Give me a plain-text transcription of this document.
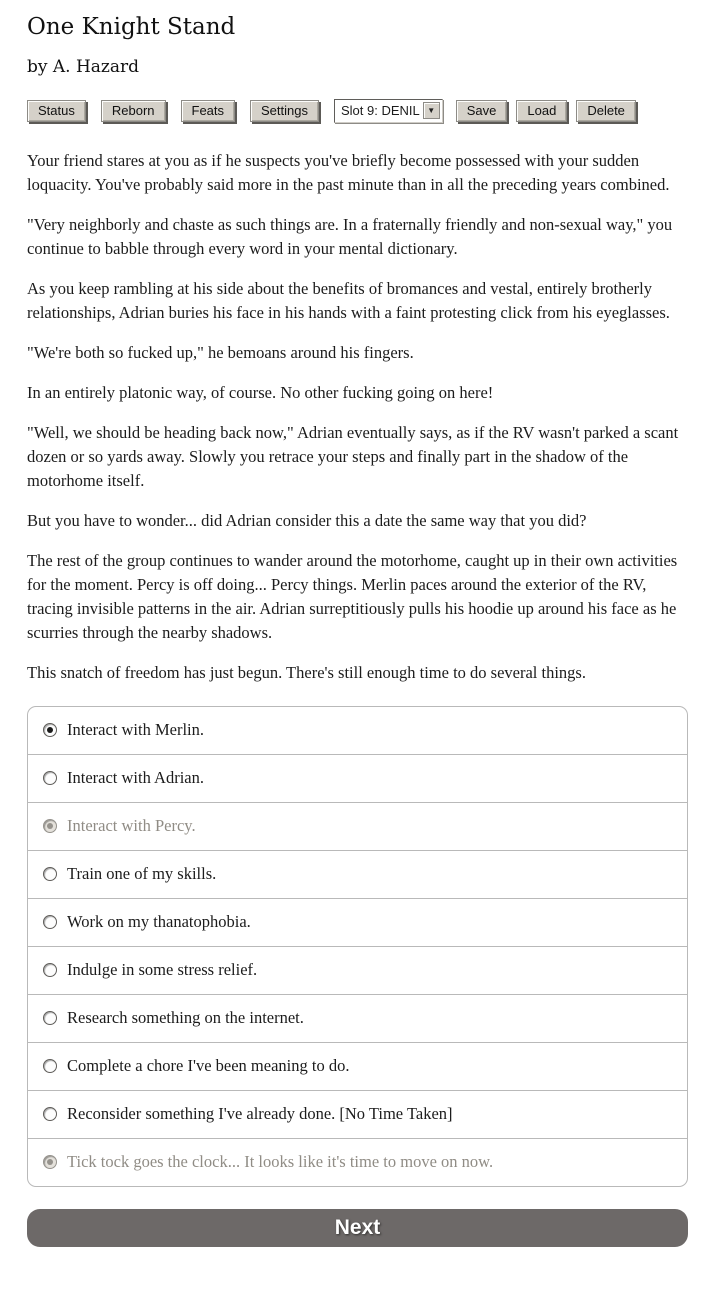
One Knight Stand
by A. Hazard
Status	Reborn	Feats	Settings	Slot 9: DENIL ▼	Save	Load	Delete

Your friend stares at you as if he suspects you've briefly become possessed with your sudden loquacity. You've probably said more in the past minute than in all the preceding years combined.

"Very neighborly and chaste as such things are. In a fraternally friendly and non-sexual way," you continue to babble through every word in your mental dictionary.

As you keep rambling at his side about the benefits of bromances and vestal, entirely brotherly relationships, Adrian buries his face in his hands with a faint protesting click from his eyeglasses.

"We're both so fucked up," he bemoans around his fingers.

In an entirely platonic way, of course. No other fucking going on here!

"Well, we should be heading back now," Adrian eventually says, as if the RV wasn't parked a scant dozen or so yards away. Slowly you retrace your steps and finally part in the shadow of the motorhome itself.

But you have to wonder... did Adrian consider this a date the same way that you did?

The rest of the group continues to wander around the motorhome, caught up in their own activities for the moment. Percy is off doing... Percy things. Merlin paces around the exterior of the RV, tracing invisible patterns in the air. Adrian surreptitiously pulls his hoodie up around his face as he scurries through the nearby shadows.

This snatch of freedom has just begun. There's still enough time to do several things.

Interact with Merlin.
Interact with Adrian.
Interact with Percy.
Train one of my skills.
Work on my thanatophobia.
Indulge in some stress relief.
Research something on the internet.
Complete a chore I've been meaning to do.
Reconsider something I've already done. [No Time Taken]
Tick tock goes the clock... It looks like it's time to move on now.
Next
